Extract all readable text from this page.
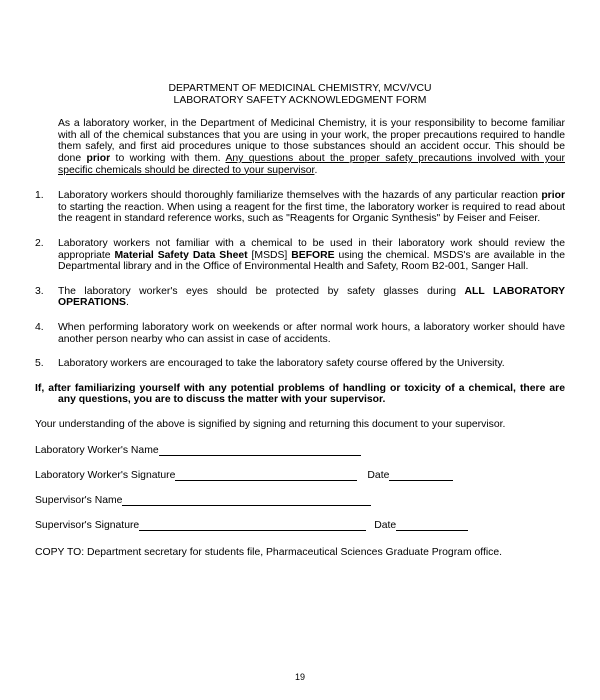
DEPARTMENT OF MEDICINAL CHEMISTRY, MCV/VCU

LABORATORY SAFETY ACKNOWLEDGMENT FORM

As a laboratory worker, in the Department of Medicinal Chemistry, it is your responsibility to become familiar with all of the chemical substances that you are using in your work, the proper precautions required to handle them safely, and first aid procedures unique to those substances should an accident occur. This should be done prior to working with them. Any questions about the proper safety precautions involved with your specific chemicals should be directed to your supervisor.

1.	Laboratory workers should thoroughly familiarize themselves with the hazards of any particular reaction prior to starting the reaction. When using a reagent for the first time, the laboratory worker is required to read about the reagent in standard reference works, such as "Reagents for Organic Synthesis" by Feiser and Feiser.
2.	Laboratory workers not familiar with a chemical to be used in their laboratory work should review the appropriate Material Safety Data Sheet [MSDS] BEFORE using the chemical. MSDS's are available in the Departmental library and in the Office of Environmental Health and Safety, Room B2-001, Sanger Hall.
3.	The laboratory worker's eyes should be protected by safety glasses during ALL LABORATORY OPERATIONS.
4.	When performing laboratory work on weekends or after normal work hours, a laboratory worker should have another person nearby who can assist in case of accidents.
5.	Laboratory workers are encouraged to take the laboratory safety course offered by the University.

If, after familiarizing yourself with any potential problems of handling or toxicity of a chemical, there are any questions, you are to discuss the matter with your supervisor.

Your understanding of the above is signified by signing and returning this document to your supervisor.

Laboratory Worker's Name
Laboratory Worker's Signature	Date
Supervisor's Name
Supervisor's Signature	Date

COPY TO: Department secretary for students file, Pharmaceutical Sciences Graduate Program office.

19
